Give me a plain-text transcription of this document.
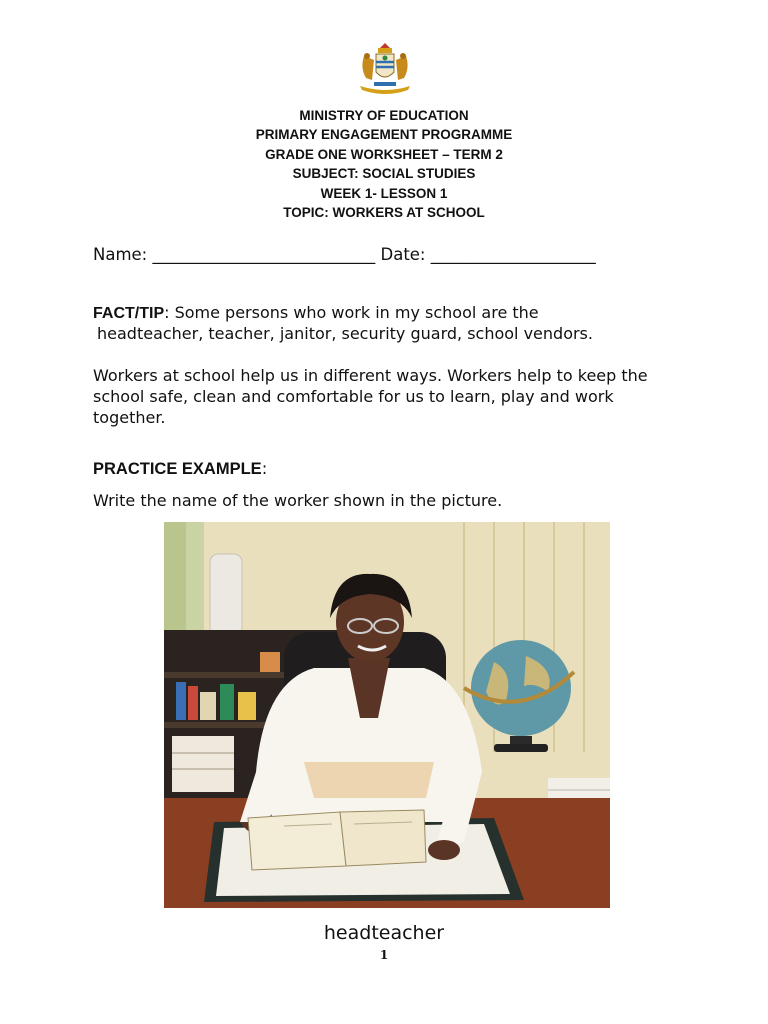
MINISTRY OF EDUCATION
PRIMARY ENGAGEMENT PROGRAMME
GRADE ONE WORKSHEET – TERM 2
SUBJECT: SOCIAL STUDIES
WEEK 1- LESSON 1
TOPIC: WORKERS AT SCHOOL
Name: ___________________________ Date: ____________________
FACT/TIP: Some persons who work in my school are the
headteacher, teacher, janitor, security guard, school vendors.
Workers at school help us in different ways. Workers help to keep the
school safe, clean and comfortable for us to learn, play and work
together.
PRACTICE EXAMPLE:
Write the name of the worker shown in the picture.
headteacher
1
